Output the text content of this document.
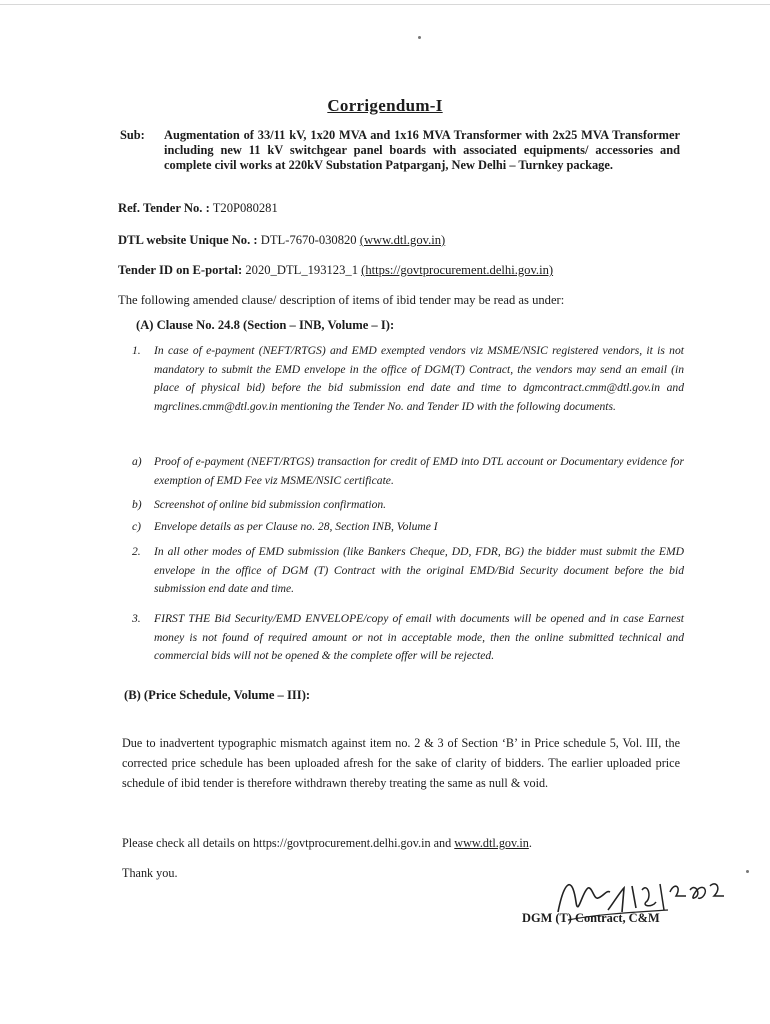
Corrigendum-I
Sub:	Augmentation of 33/11 kV, 1x20 MVA and 1x16 MVA Transformer with 2x25 MVA Transformer including new 11 kV switchgear panel boards with associated equipments/ accessories and complete civil works at 220kV Substation Patparganj, New Delhi – Turnkey package.
Ref. Tender No. : T20P080281
DTL website Unique No. : DTL-7670-030820 (www.dtl.gov.in)
Tender ID on E-portal: 2020_DTL_193123_1 (https://govtprocurement.delhi.gov.in)
The following amended clause/ description of items of ibid tender may be read as under:
(A) Clause No. 24.8 (Section – INB, Volume – I):
1.	In case of e-payment (NEFT/RTGS) and EMD exempted vendors viz MSME/NSIC registered vendors, it is not mandatory to submit the EMD envelope in the office of DGM(T) Contract, the vendors may send an email (in place of physical bid) before the bid submission end date and time to dgmcontract.cmm@dtl.gov.in and mgrclines.cmm@dtl.gov.in mentioning the Tender No. and Tender ID with the following documents.
a)	Proof of e-payment (NEFT/RTGS) transaction for credit of EMD into DTL account or Documentary evidence for exemption of EMD Fee viz MSME/NSIC certificate.
b)	Screenshot of online bid submission confirmation.
c)	Envelope details as per Clause no. 28, Section INB, Volume I
2.	In all other modes of EMD submission (like Bankers Cheque, DD, FDR, BG) the bidder must submit the EMD envelope in the office of DGM (T) Contract with the original EMD/Bid Security document before the bid submission end date and time.
3.	FIRST THE Bid Security/EMD ENVELOPE/copy of email with documents will be opened and in case Earnest money is not found of required amount or not in acceptable mode, then the online submitted technical and commercial bids will not be opened & the complete offer will be rejected.
(B) (Price Schedule, Volume – III):
Due to inadvertent typographic mismatch against item no. 2 & 3 of Section ‘B’ in Price schedule 5, Vol. III, the corrected price schedule has been uploaded afresh for the sake of clarity of bidders. The earlier uploaded price schedule of ibid tender is therefore withdrawn thereby treating the same as null & void.
Please check all details on https://govtprocurement.delhi.gov.in and www.dtl.gov.in.
Thank you.
DGM (T) Contract, C&M
